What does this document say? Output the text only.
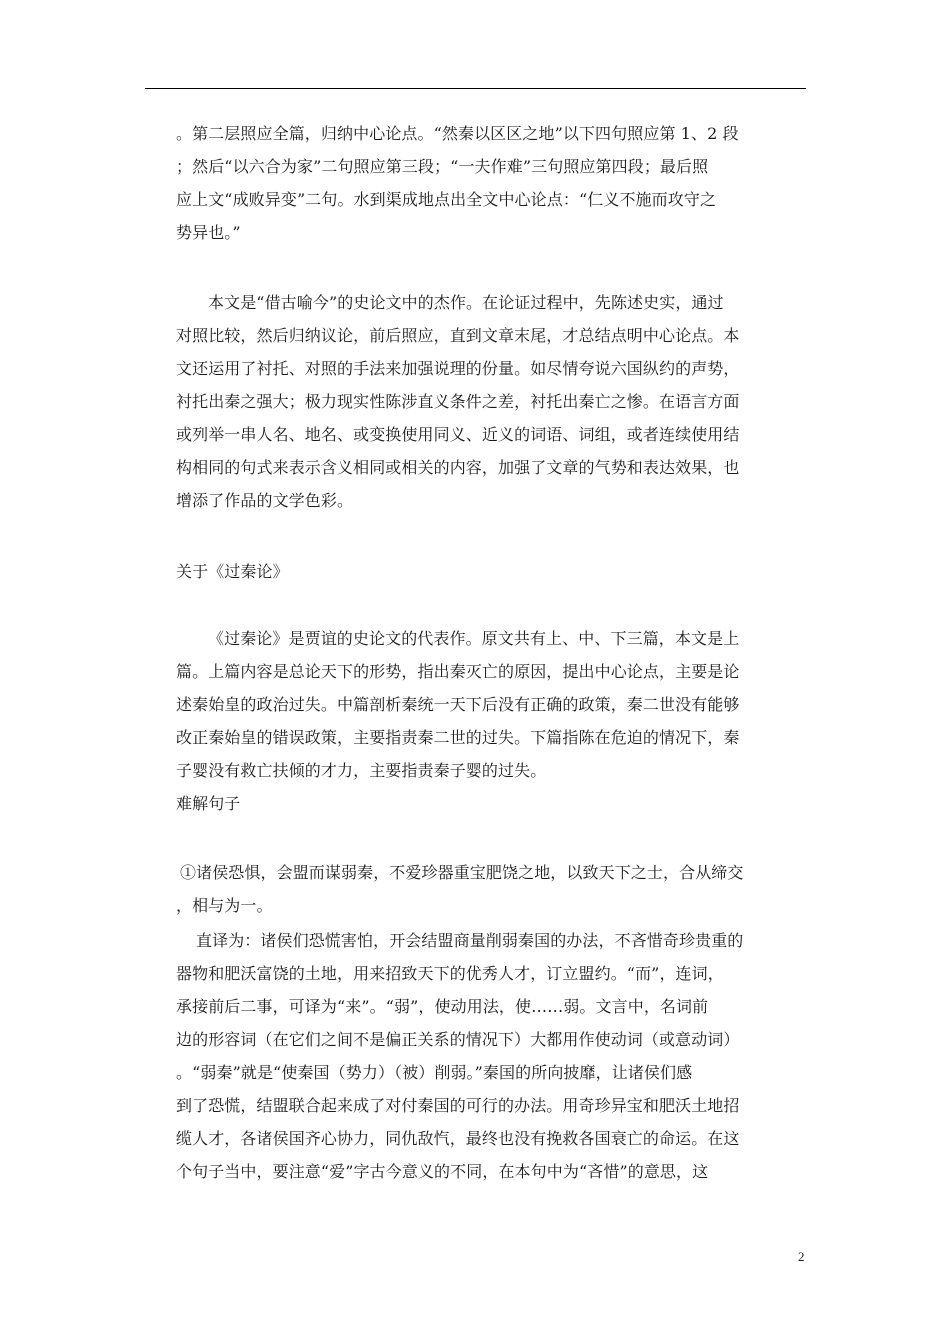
。第二层照应全篇，归纳中心论点。“然秦以区区之地”以下四句照应第 1、2 段
；然后“以六合为家”二句照应第三段；“一夫作难”三句照应第四段；最后照
应上文“成败异变”二句。水到渠成地点出全文中心论点：“仁义不施而攻守之
势异也。”
本文是“借古喻今”的史论文中的杰作。在论证过程中，先陈述史实，通过
对照比较，然后归纳议论，前后照应，直到文章末尾，才总结点明中心论点。本
文还运用了衬托、对照的手法来加强说理的份量。如尽情夸说六国纵约的声势，
衬托出秦之强大；极力现实性陈涉直义条件之差，衬托出秦亡之惨。在语言方面
或列举一串人名、地名、或变换使用同义、近义的词语、词组，或者连续使用结
构相同的句式来表示含义相同或相关的内容，加强了文章的气势和表达效果，也
增添了作品的文学色彩。
关于《过秦论》
《过秦论》是贾谊的史论文的代表作。原文共有上、中、下三篇，本文是上
篇。上篇内容是总论天下的形势，指出秦灭亡的原因，提出中心论点，主要是论
述秦始皇的政治过失。中篇剖析秦统一天下后没有正确的政策，秦二世没有能够
改正秦始皇的错误政策，主要指责秦二世的过失。下篇指陈在危迫的情况下，秦
子婴没有救亡扶倾的才力，主要指责秦子婴的过失。
难解句子
①诸侯恐惧，会盟而谋弱秦，不爱珍器重宝肥饶之地，以致天下之士，合从缔交
，相与为一。
直译为：诸侯们恐慌害怕，开会结盟商量削弱秦国的办法，不吝惜奇珍贵重的
器物和肥沃富饶的土地，用来招致天下的优秀人才，订立盟约。“而”，连词，
承接前后二事，可译为“来”。“弱”，使动用法，使……弱。文言中，名词前
边的形容词（在它们之间不是偏正关系的情况下）大都用作使动词（或意动词）
。“弱秦”就是“使秦国（势力）（被）削弱。”秦国的所向披靡，让诸侯们感
到了恐慌，结盟联合起来成了对付秦国的可行的办法。用奇珍异宝和肥沃土地招
缆人才，各诸侯国齐心协力，同仇敌忾，最终也没有挽救各国衰亡的命运。在这
个句子当中，要注意“爱”字古今意义的不同，在本句中为“吝惜”的意思，这
2
